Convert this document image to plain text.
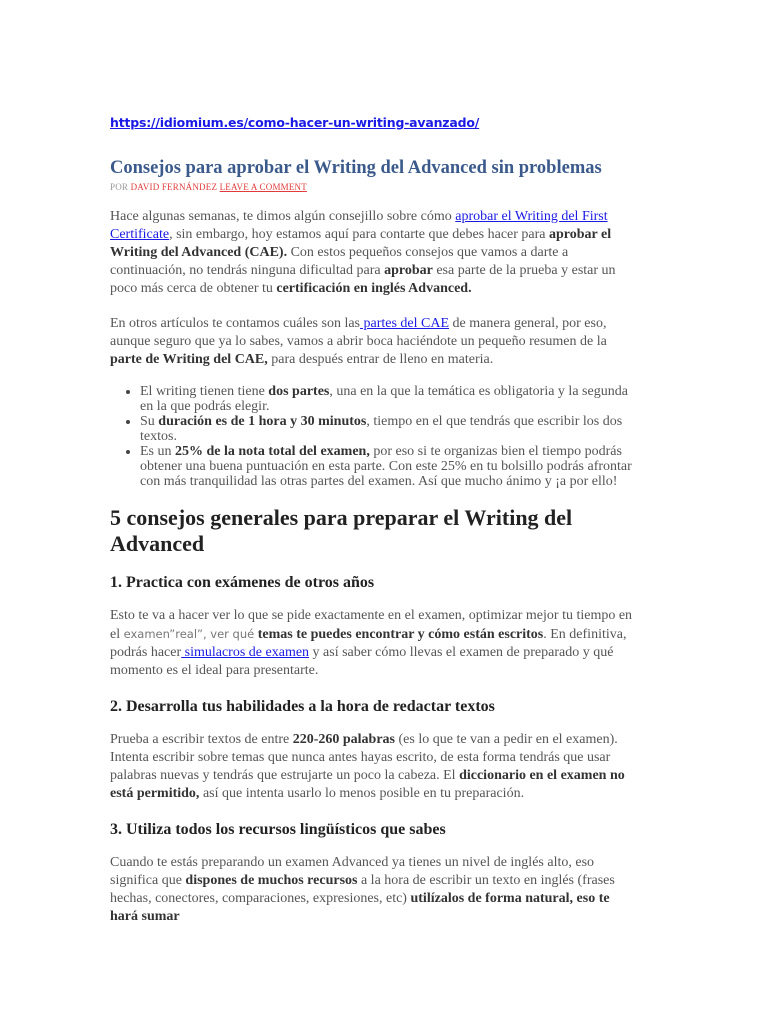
https://idiomium.es/como-hacer-un-writing-avanzado/
Consejos para aprobar el Writing del Advanced sin problemas
POR DAVID FERNÁNDEZ LEAVE A COMMENT

Hace algunas semanas, te dimos algún consejillo sobre cómo aprobar el Writing del First Certificate, sin embargo, hoy estamos aquí para contarte que debes hacer para aprobar el Writing del Advanced (CAE). Con estos pequeños consejos que vamos a darte a continuación, no tendrás ninguna dificultad para aprobar esa parte de la prueba y estar un poco más cerca de obtener tu certificación en inglés Advanced.

En otros artículos te contamos cuáles son las partes del CAE de manera general, por eso, aunque seguro que ya lo sabes, vamos a abrir boca haciéndote un pequeño resumen de la parte de Writing del CAE, para después entrar de lleno en materia.

• El writing tienen tiene dos partes, una en la que la temática es obligatoria y la segunda en la que podrás elegir.
• Su duración es de 1 hora y 30 minutos, tiempo en el que tendrás que escribir los dos textos.
• Es un 25% de la nota total del examen, por eso si te organizas bien el tiempo podrás obtener una buena puntuación en esta parte. Con este 25% en tu bolsillo podrás afrontar con más tranquilidad las otras partes del examen. Así que mucho ánimo y ¡a por ello!
5 consejos generales para preparar el Writing del Advanced
1. Practica con exámenes de otros años

Esto te va a hacer ver lo que se pide exactamente en el examen, optimizar mejor tu tiempo en el examen”real”, ver qué temas te puedes encontrar y cómo están escritos. En definitiva, podrás hacer simulacros de examen y así saber cómo llevas el examen de preparado y qué momento es el ideal para presentarte.

2. Desarrolla tus habilidades a la hora de redactar textos

Prueba a escribir textos de entre 220-260 palabras (es lo que te van a pedir en el examen). Intenta escribir sobre temas que nunca antes hayas escrito, de esta forma tendrás que usar palabras nuevas y tendrás que estrujarte un poco la cabeza. El diccionario en el examen no está permitido, así que intenta usarlo lo menos posible en tu preparación.

3. Utiliza todos los recursos lingüísticos que sabes

Cuando te estás preparando un examen Advanced ya tienes un nivel de inglés alto, eso significa que dispones de muchos recursos a la hora de escribir un texto en inglés (frases hechas, conectores, comparaciones, expresiones, etc) utilízalos de forma natural, eso te hará sumar
